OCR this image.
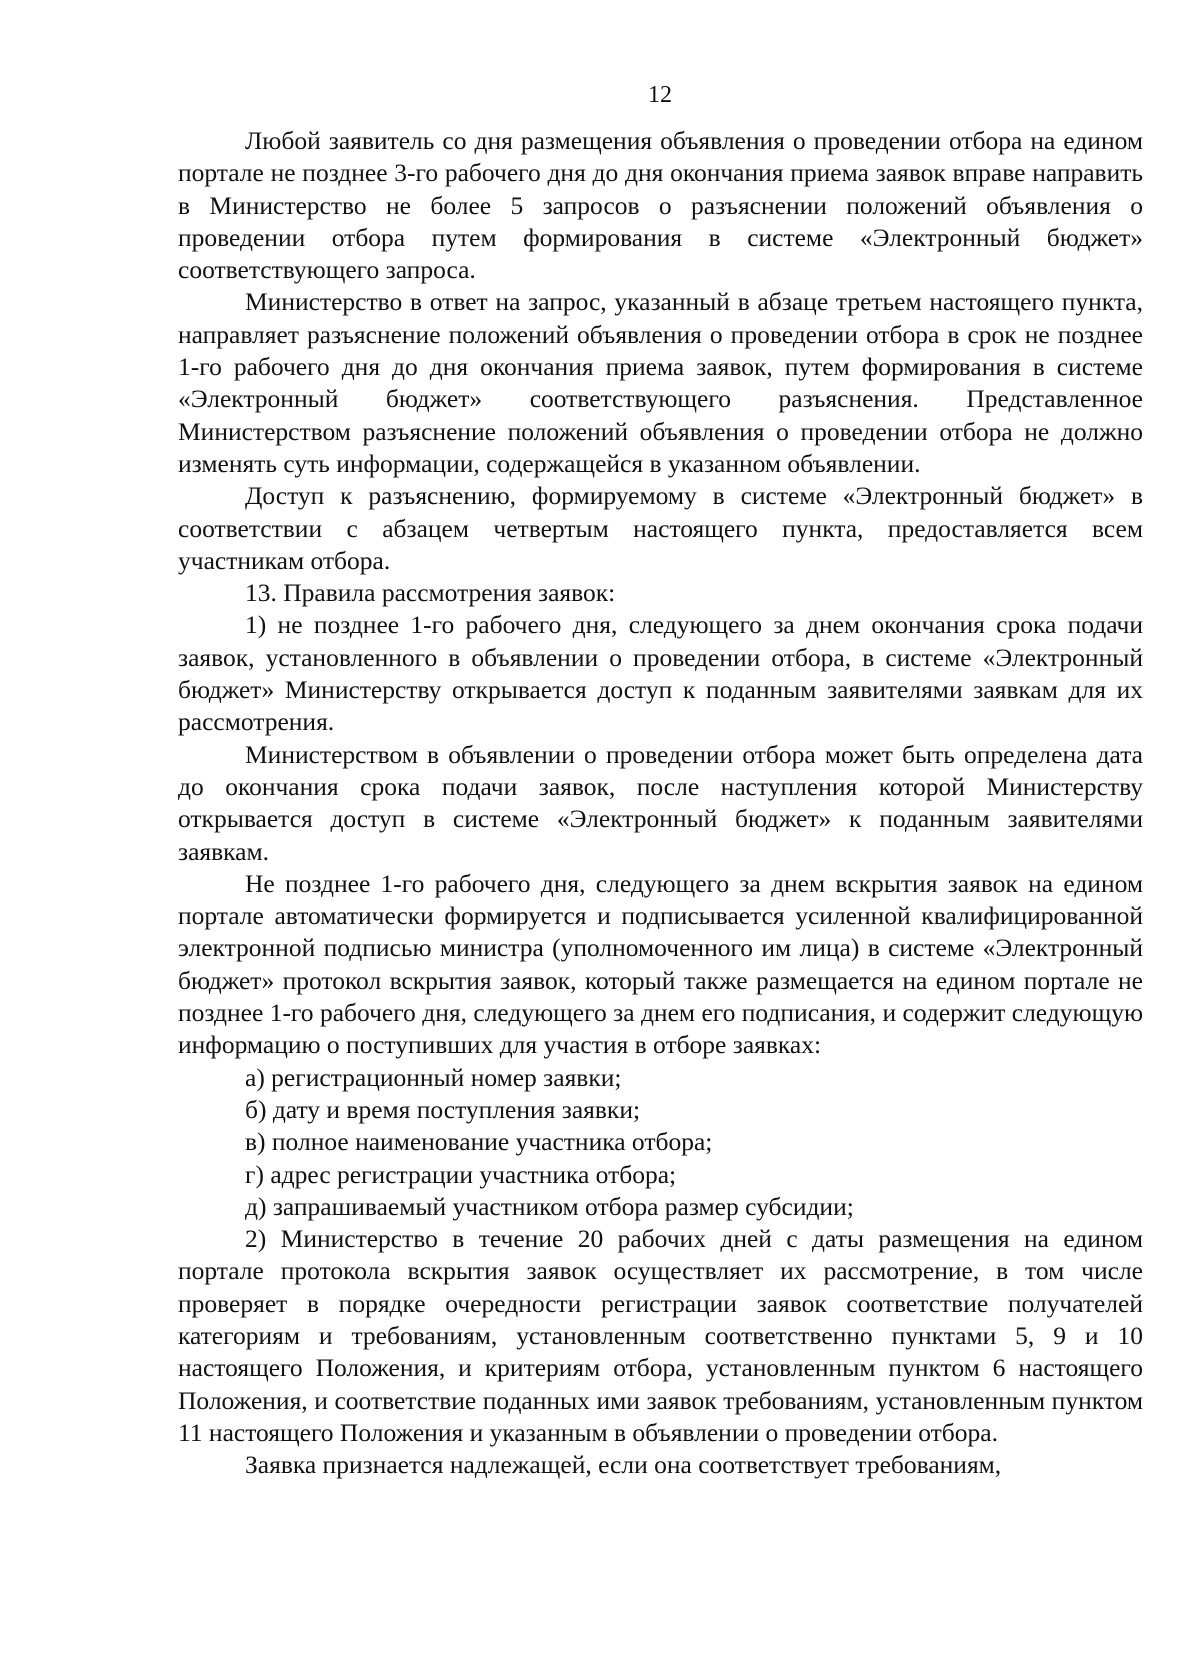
12

Любой заявитель со дня размещения объявления о проведении отбора на едином портале не позднее 3-го рабочего дня до дня окончания приема заявок вправе направить в Министерство не более 5 запросов о разъяснении положений объявления о проведении отбора путем формирования в системе «Электронный бюджет» соответствующего запроса.

Министерство в ответ на запрос, указанный в абзаце третьем настоящего пункта, направляет разъяснение положений объявления о проведении отбора в срок не позднее 1-го рабочего дня до дня окончания приема заявок, путем формирования в системе «Электронный бюджет» соответствующего разъяснения. Представленное Министерством разъяснение положений объявления о проведении отбора не должно изменять суть информации, содержащейся в указанном объявлении.

Доступ к разъяснению, формируемому в системе «Электронный бюджет» в соответствии с абзацем четвертым настоящего пункта, предоставляется всем участникам отбора.

13. Правила рассмотрения заявок:

1) не позднее 1-го рабочего дня, следующего за днем окончания срока подачи заявок, установленного в объявлении о проведении отбора, в системе «Электронный бюджет» Министерству открывается доступ к поданным заявителями заявкам для их рассмотрения.

Министерством в объявлении о проведении отбора может быть определена дата до окончания срока подачи заявок, после наступления которой Министерству открывается доступ в системе «Электронный бюджет» к поданным заявителями заявкам.

Не позднее 1-го рабочего дня, следующего за днем вскрытия заявок на едином портале автоматически формируется и подписывается усиленной квалифицированной электронной подписью министра (уполномоченного им лица) в системе «Электронный бюджет» протокол вскрытия заявок, который также размещается на едином портале не позднее 1-го рабочего дня, следующего за днем его подписания, и содержит следующую информацию о поступивших для участия в отборе заявках:

а) регистрационный номер заявки;

б) дату и время поступления заявки;

в) полное наименование участника отбора;

г) адрес регистрации участника отбора;

д) запрашиваемый участником отбора размер субсидии;

2) Министерство в течение 20 рабочих дней с даты размещения на едином портале протокола вскрытия заявок осуществляет их рассмотрение, в том числе проверяет в порядке очередности регистрации заявок соответствие получателей категориям и требованиям, установленным соответственно пунктами 5, 9 и 10 настоящего Положения, и критериям отбора, установленным пунктом 6 настоящего Положения, и соответствие поданных ими заявок требованиям, установленным пунктом 11 настоящего Положения и указанным в объявлении о проведении отбора.

Заявка признается надлежащей, если она соответствует требованиям,
